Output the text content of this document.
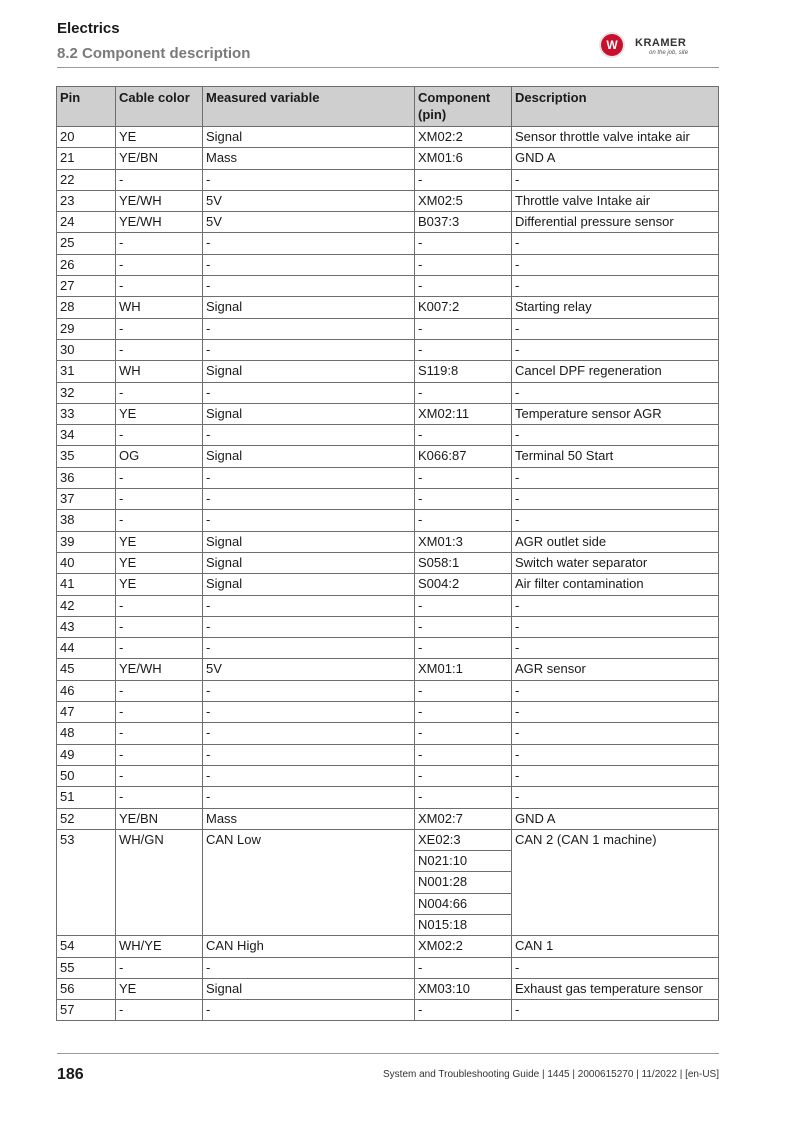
Electrics
8.2 Component description	W	KRAMER
on the job, site
Pin	Cable color	Measured variable	Component (pin)	Description
20	YE	Signal	XM02:2	Sensor throttle valve intake air
21	YE/BN	Mass	XM01:6	GND A
22	-	-	-	-
23	YE/WH	5V	XM02:5	Throttle valve Intake air
24	YE/WH	5V	B037:3	Differential pressure sensor
25	-	-	-	-
26	-	-	-	-
27	-	-	-	-
28	WH	Signal	K007:2	Starting relay
29	-	-	-	-
30	-	-	-	-
31	WH	Signal	S119:8	Cancel DPF regeneration
32	-	-	-	-
33	YE	Signal	XM02:11	Temperature sensor AGR
34	-	-	-	-
35	OG	Signal	K066:87	Terminal 50 Start
36	-	-	-	-
37	-	-	-	-
38	-	-	-	-
39	YE	Signal	XM01:3	AGR outlet side
40	YE	Signal	S058:1	Switch water separator
41	YE	Signal	S004:2	Air filter contamination
42	-	-	-	-
43	-	-	-	-
44	-	-	-	-
45	YE/WH	5V	XM01:1	AGR sensor
46	-	-	-	-
47	-	-	-	-
48	-	-	-	-
49	-	-	-	-
50	-	-	-	-
51	-	-	-	-
52	YE/BN	Mass	XM02:7	GND A
53	WH/GN	CAN Low	XE02:3	CAN 2 (CAN 1 machine)
			N021:10	
			N001:28	
			N004:66	
			N015:18	
54	WH/YE	CAN High	XM02:2	CAN 1
55	-	-	-	-
56	YE	Signal	XM03:10	Exhaust gas temperature sensor
57	-	-	-	-
186	System and Troubleshooting Guide | 1445 | 2000615270 | 11/2022 | [en-US]
